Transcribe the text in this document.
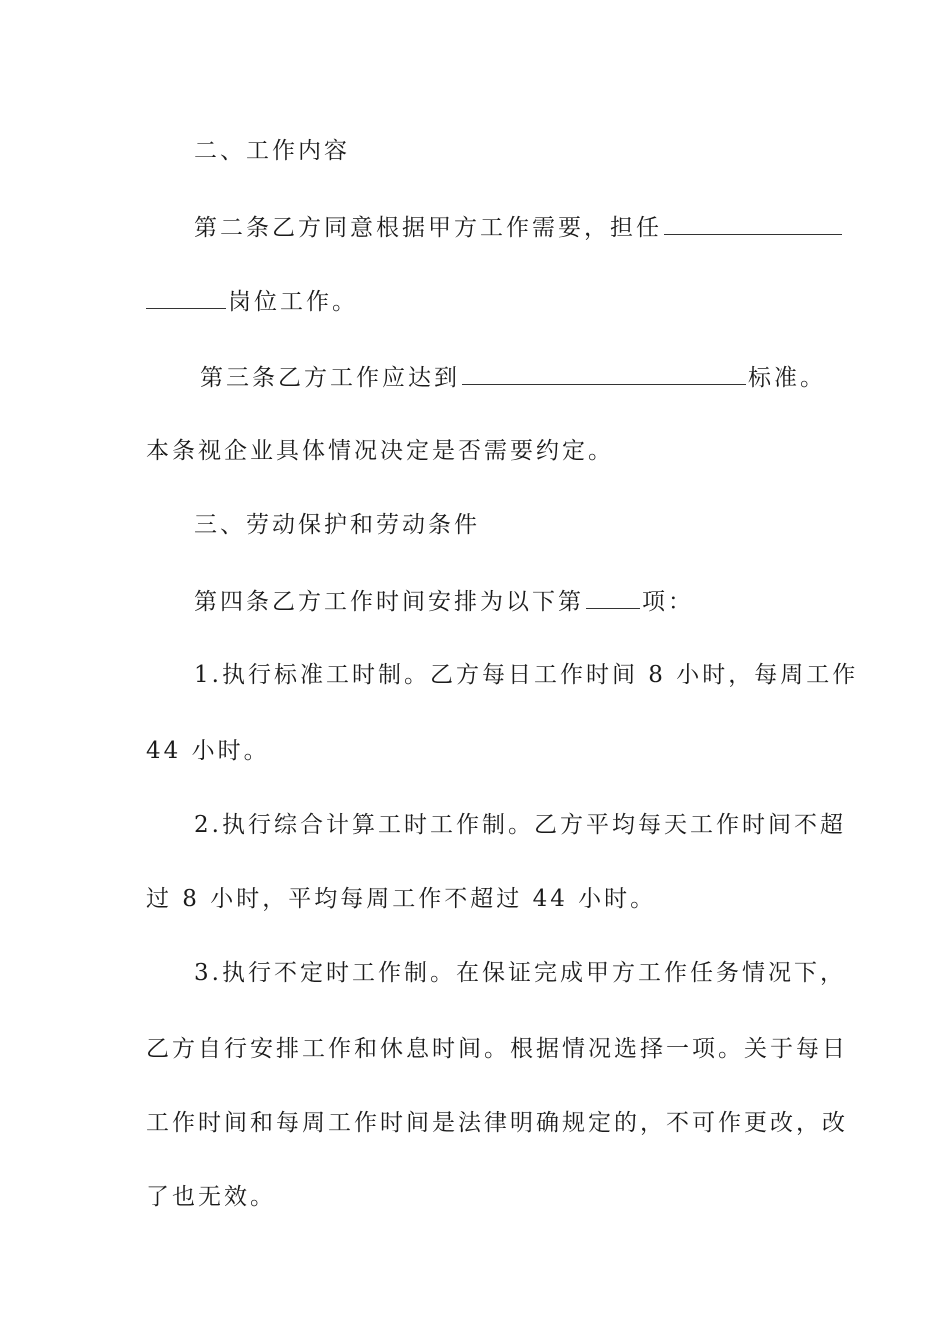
二、工作内容
第二条乙方同意根据甲方工作需要，担任
岗位工作。
第三条乙方工作应达到	标准。
本条视企业具体情况决定是否需要约定。
三、劳动保护和劳动条件
第四条乙方工作时间安排为以下第	项：
1.执行标准工时制。乙方每日工作时间 8 小时，每周工作
44 小时。
2.执行综合计算工时工作制。乙方平均每天工作时间不超
过 8 小时，平均每周工作不超过 44 小时。
3.执行不定时工作制。在保证完成甲方工作任务情况下，
乙方自行安排工作和休息时间。根据情况选择一项。关于每日
工作时间和每周工作时间是法律明确规定的，不可作更改，改
了也无效。
